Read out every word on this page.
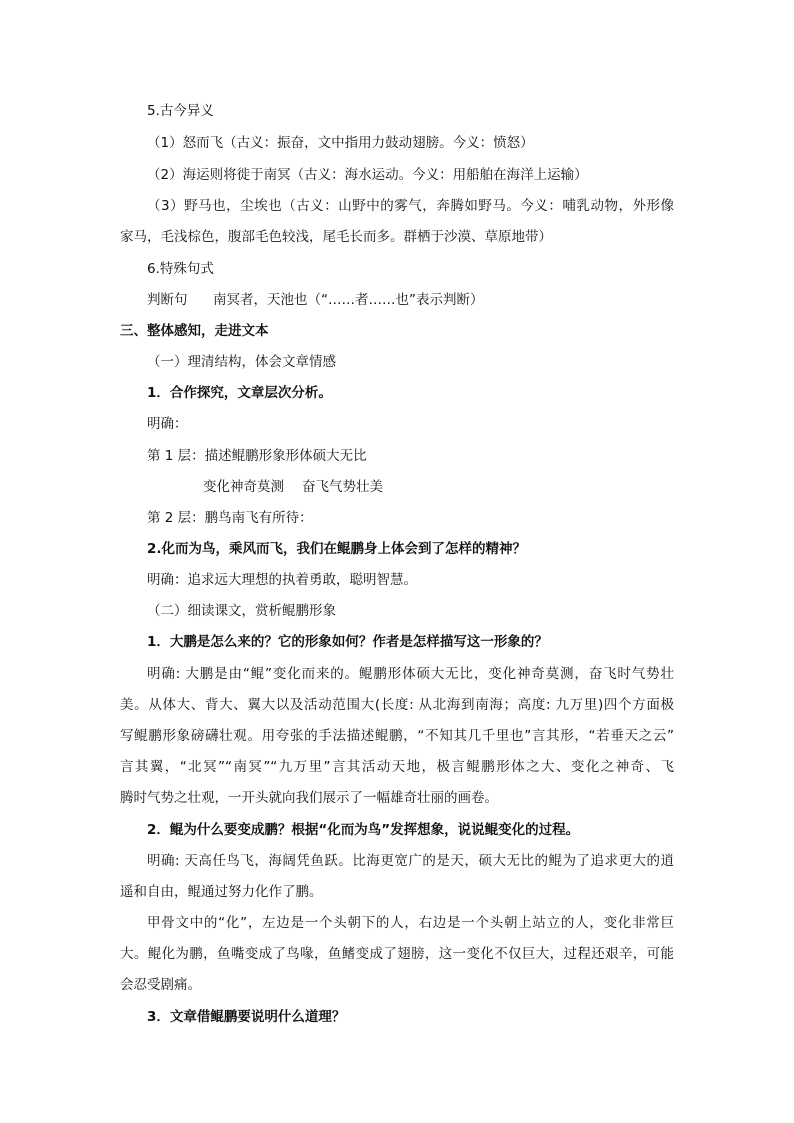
5.古今异义
（1）怒而飞（古义：振奋，文中指用力鼓动翅膀。今义：愤怒）
（2）海运则将徙于南冥（古义：海水运动。今义：用船舶在海洋上运输）
（3）野马也，尘埃也（古义：山野中的雾气，奔腾如野马。今义：哺乳动物，外形像
家马，毛浅棕色，腹部毛色较浅，尾毛长而多。群栖于沙漠、草原地带）
6.特殊句式
判断句 南冥者，天池也（“……者……也”表示判断）
三、整体感知，走进文本
（一）理清结构，体会文章情感
1．合作探究，文章层次分析。
明确：
第 1 层：描述鲲鹏形象形体硕大无比
变化神奇莫测 奋飞气势壮美
第 2 层：鹏鸟南飞有所待：
2.化而为鸟，乘风而飞，我们在鲲鹏身上体会到了怎样的精神？
明确：追求远大理想的执着勇敢，聪明智慧。
（二）细读课文，赏析鲲鹏形象
1．大鹏是怎么来的？它的形象如何？作者是怎样描写这一形象的？
明确: 大鹏是由“鲲”变化而来的。鲲鹏形体硕大无比，变化神奇莫测，奋飞时气势壮
美。从体大、背大、翼大以及活动范围大(长度: 从北海到南海；高度: 九万里)四个方面极
写鲲鹏形象磅礴壮观。用夸张的手法描述鲲鹏，“不知其几千里也”言其形，“若垂天之云”
言其翼，“北冥”“南冥”“九万里”言其活动天地，极言鲲鹏形体之大、变化之神奇、飞
腾时气势之壮观，一开头就向我们展示了一幅雄奇壮丽的画卷。
2．鲲为什么要变成鹏？根据“化而为鸟”发挥想象，说说鲲变化的过程。
明确: 天高任鸟飞，海阔凭鱼跃。比海更宽广的是天，硕大无比的鲲为了追求更大的逍
遥和自由，鲲通过努力化作了鹏。
甲骨文中的“化”，左边是一个头朝下的人，右边是一个头朝上站立的人，变化非常巨
大。鲲化为鹏，鱼嘴变成了鸟喙，鱼鳍变成了翅膀，这一变化不仅巨大，过程还艰辛，可能
会忍受剧痛。
3．文章借鲲鹏要说明什么道理？
